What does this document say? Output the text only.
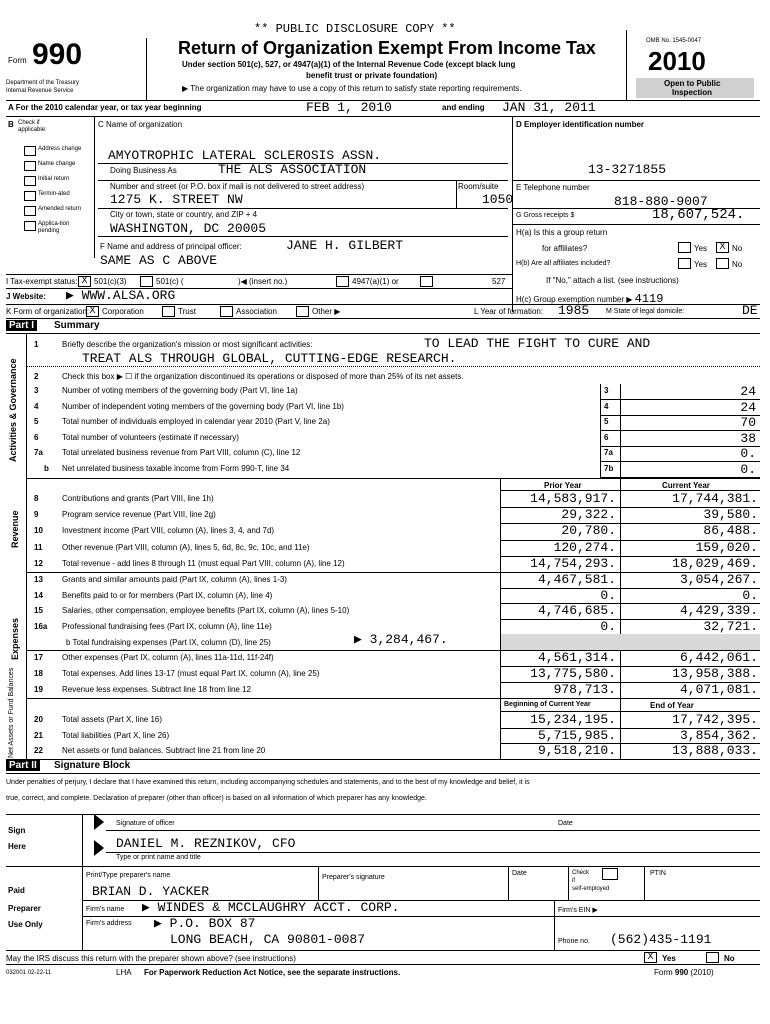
** PUBLIC DISCLOSURE COPY **
Form 990
Department of the Treasury
Internal Revenue Service
Return of Organization Exempt From Income Tax
Under section 501(c), 527, or 4947(a)(1) of the Internal Revenue Code (except black lung
benefit trust or private foundation)
▶ The organization may have to use a copy of this return to satisfy state reporting requirements.
OMB No. 1545-0047
2010
Open to Public
Inspection
A For the 2010 calendar year, or tax year beginning	FEB 1, 2010	and ending JAN 31, 2011
B Check if
applicable:
Address change
Name change
Initial return
Termin-ated
Amended return
Applica-tion pending
C Name of organization
AMYOTROPHIC LATERAL SCLEROSIS ASSN.
Doing Business As	THE ALS ASSOCIATION
Number and street (or P.O. box if mail is not delivered to street address)	Room/suite
1275 K. STREET NW	1050
City or town, state or country, and ZIP + 4
WASHINGTON, DC 20005
F Name and address of principal officer:	JANE H. GILBERT
SAME AS C ABOVE
D Employer identification number
13-3271855
E Telephone number
818-880-9007
G Gross receipts $	18,607,524.
H(a) Is this a group return
for affiliates?	Yes	X No
H(b) Are all affiliates included?	Yes	No
If "No," attach a list. (see instructions)
I Tax-exempt status: X 501(c)(3)	501(c) (	)◀ (insert no.)	4947(a)(1) or	527
J Website: ▶ WWW.ALSA.ORG	H(c) Group exemption number ▶ 4119
K Form of organization: X Corporation	Trust	Association	Other ▶	L Year of formation: 1985 M State of legal domicile:	DE
Part I	Summary
Activities & Governance
Revenue
Expenses
Net Assets or Fund Balances
1	Briefly describe the organization's mission or most significant activities:	TO LEAD THE FIGHT TO CURE AND
TREAT ALS THROUGH GLOBAL, CUTTING-EDGE RESEARCH.
2	Check this box ▶ ☐ if the organization discontinued its operations or disposed of more than 25% of its net assets.
3	Number of voting members of the governing body (Part VI, line 1a)	3	24
4	Number of independent voting members of the governing body (Part VI, line 1b)	4	24
5	Total number of individuals employed in calendar year 2010 (Part V, line 2a)	5	70
6	Total number of volunteers (estimate if necessary)	6	38
7a Total unrelated business revenue from Part VIII, column (C), line 12	7a	0.
b Net unrelated business taxable income from Form 990-T, line 34	7b	0.
Prior Year	Current Year
8	Contributions and grants (Part VIII, line 1h)	14,583,917.	17,744,381.
9	Program service revenue (Part VIII, line 2g)	29,322.	39,580.
10 Investment income (Part VIII, column (A), lines 3, 4, and 7d)	20,780.	86,488.
11 Other revenue (Part VIII, column (A), lines 5, 6d, 8c, 9c, 10c, and 11e)	120,274.	159,020.
12 Total revenue - add lines 8 through 11 (must equal Part VIII, column (A), line 12)	14,754,293.	18,029,469.
13 Grants and similar amounts paid (Part IX, column (A), lines 1-3)	4,467,581.	3,054,267.
14 Benefits paid to or for members (Part IX, column (A), line 4)	0.	0.
15 Salaries, other compensation, employee benefits (Part IX, column (A), lines 5-10)	4,746,685.	4,429,339.
16a Professional fundraising fees (Part IX, column (A), line 11e)	0.	32,721.
b Total fundraising expenses (Part IX, column (D), line 25)	▶ 3,284,467.
17 Other expenses (Part IX, column (A), lines 11a-11d, 11f-24f)	4,561,314.	6,442,061.
18 Total expenses. Add lines 13-17 (must equal Part IX, column (A), line 25)	13,775,580.	13,958,388.
19 Revenue less expenses. Subtract line 18 from line 12	978,713.	4,071,081.
Beginning of Current Year	End of Year
20 Total assets (Part X, line 16)	15,234,195.	17,742,395.
21 Total liabilities (Part X, line 26)	5,715,985.	3,854,362.
22 Net assets or fund balances. Subtract line 21 from line 20	9,518,210.	13,888,033.
Part II	Signature Block
Under penalties of perjury, I declare that I have examined this return, including accompanying schedules and statements, and to the best of my knowledge and belief, it is
true, correct, and complete. Declaration of preparer (other than officer) is based on all information of which preparer has any knowledge.
Sign
Here
Signature of officer	Date
DANIEL M. REZNIKOV, CFO
Type or print name and title
Paid
Preparer
Use Only
Print/Type preparer's name	Preparer's signature
Date	Check
if
self-employed
PTIN
BRIAN D. YACKER
Firm's name ▶ WINDES & MCCLAUGHRY ACCT. CORP.	Firm's EIN ▶
Firm's address ▶ P.O. BOX 87
LONG BEACH, CA 90801-0087	Phone no. (562)435-1191
May the IRS discuss this return with the preparer shown above? (see instructions)	X	Yes	No
032001 02-22-11	LHA For Paperwork Reduction Act Notice, see the separate instructions.	Form 990 (2010)
